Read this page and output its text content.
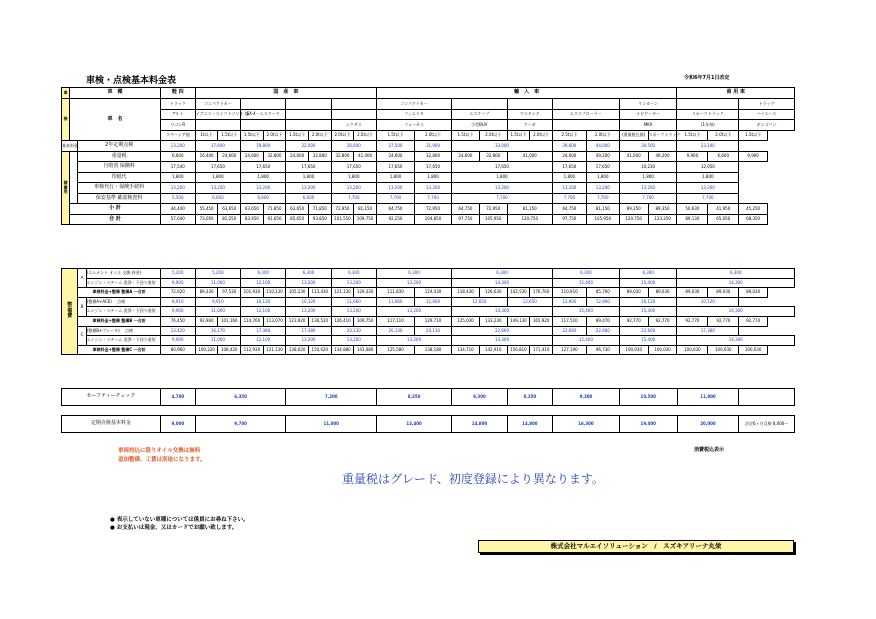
車検・点検基本料金表	令和6年7月1日改定
車	車　種		軽 四	国　産　車								輸　入　車										商 用 車		
検	車　名		トラック	コンパクトカー								コンパクトカー								リンカーン				トラック
			アルト	イグニス・スイフトソリオ 他		SX-4・エスクード						フィエスタ		エスケープ		マスタング		エクスプローラー		ナビゲーター		スポーツトラック		ハイエース
			ワゴンR							レクサス		フォーカス		小型BUV		クーガ				MKX		(1年毎)		ボンゴバン
			スペーシア他	1t以下	1.5t以下	1.5t以下	2.0t以下	1.5t以下	2.0t以下	2.0t以下	2.5t以下	1.5t以下	2.0t以下	1.5t以下	2.0t以下	1.5t以下	2.0t以下	2.5t以下	2.0t以下	(重量税込価)	スポーツトラック	1.5t以下	2.0t以下	1.5t以下
基本料金		2年定期点検	13,200	17,600		19,800		22,000		28,600		27,500	31,900	33,000				39,600	44,000	30,500		23,100		
諸費用		重量税	6,600	16,400	24,600	24,600	32,800	24,600	32,800	32,800	41,000	24,600	32,800	24,600	32,800	41,000		24,600	49,200	41,000	49,200	9,900	6,600	9,900
		自賠責 保険料	17,540	17,650		17,650		17,650		17,650		17,650	17,650	17,650				17,650	17,650	10,230		12,050		
		印紙代	1,800	1,800		1,800		1,800		1,800		1,800	1,800	1,800				1,800	1,800	1,800		1,800		
		車検代行・保険手続料	13,200	13,200		13,200		13,200		13,200		13,200	13,200	13,200				13,200	13,200	13,200		13,200		
		保安基準 確認検査料	5,500	6,600		6,600		6,600		7,700		7,700	7,700	7,700				7,700	7,700	7,700		7,700		
	小 計		44,440	55,450	63,650	63,650	71,850	63,650	71,850	72,950	81,150	64,750	72,950	64,750	72,950	81,150		64,750	81,150	89,350	89,350	50,630	41,950	45,250
	合 計		57,640	73,050	81,250	83,450	91,650	85,650	93,850	101,550	109,750	92,250	104,850	97,750	105,950	120,750		97,750	105,950	120,750	133,350	89,130	65,050	68,350
整
備
費	A	(エレメント オイル 交換 料金)	5,200	5,200		6,300		6,300		6,300		6,300		6,300				6,300		6,300		6,300		
		エンジン・スチーム 洗浄・下回り塗装	9,900	11,000		12,100		13,200		13,200		13,200		14,300				15,400		15,400		14,300		
	車検料金+整備 整備A 一合計		72,620	89,330	97,530	101,930	110,130	105,230	113,430	121,130	129,330	111,830	124,430	118,430	126,630	142,530	176,760	110,910	85,700	89,030	89,030	89,030	89,030	89,030
	B	(整備A+ACE)　 点検	8,910	9,910		10,120		10,120		11,660		11,660	11,660	12,650		12,650		12,900	12,900	10,120		10,120		
		エンジン・スチーム 洗浄・下回り塗装	9,900	11,000		12,100		13,200		13,200		13,200		14,300				15,400		15,400		14,300		
	車検料金+整備 整備B 一合計		76,450	92,960	101,160	114,760	113,070	123,920	136,520	126,410	109,750	117,110	129,710	125,030	133,230	149,130	165,920	117,510	89,470	92,770	92,770	92,770	92,770	92,770
	C	(整備B+ブレーキ)　 点検	13,420	16,170		17,380		17,380		20,130		20,130	20,130	22,660				22,660	22,660	22,660		17,380		
		エンジン・スチーム 洗浄・下回り塗装	9,900	11,000		12,100		13,200		13,200		13,200		14,300				15,400		15,400		14,300		
	車検料金+整備 整備C 一合計		80,960	100,220	108,420	112,930	121,130	138,020	150,620	134,880	143,080	125,580	138,180	134,710	142,910	156,810	171,410	127,190	96,730	100,030	100,030	100,030	100,030	100,030
セーフティーチェック	4,700	6,350	7,200	8,350	9,300	8,350	9,300	10,500	11,900	
定期点検基本料金	9,000	9,700	11,000	13,400	14,800	14,800	16,300	19,000	20,000	法定6ヶ月点検 8,000〜
車両持込に限りオイル交換は無料
追加整備、工賃は別途になります。
消費税込表示
重量税はグレード、初度登録により異なります。
● 表示していない車種については係員にお尋ね下さい。
● お支払いは現金、又はカードでお願い致します。
株式会社マルエイソリューション　/　スズキアリーナ丸栄
